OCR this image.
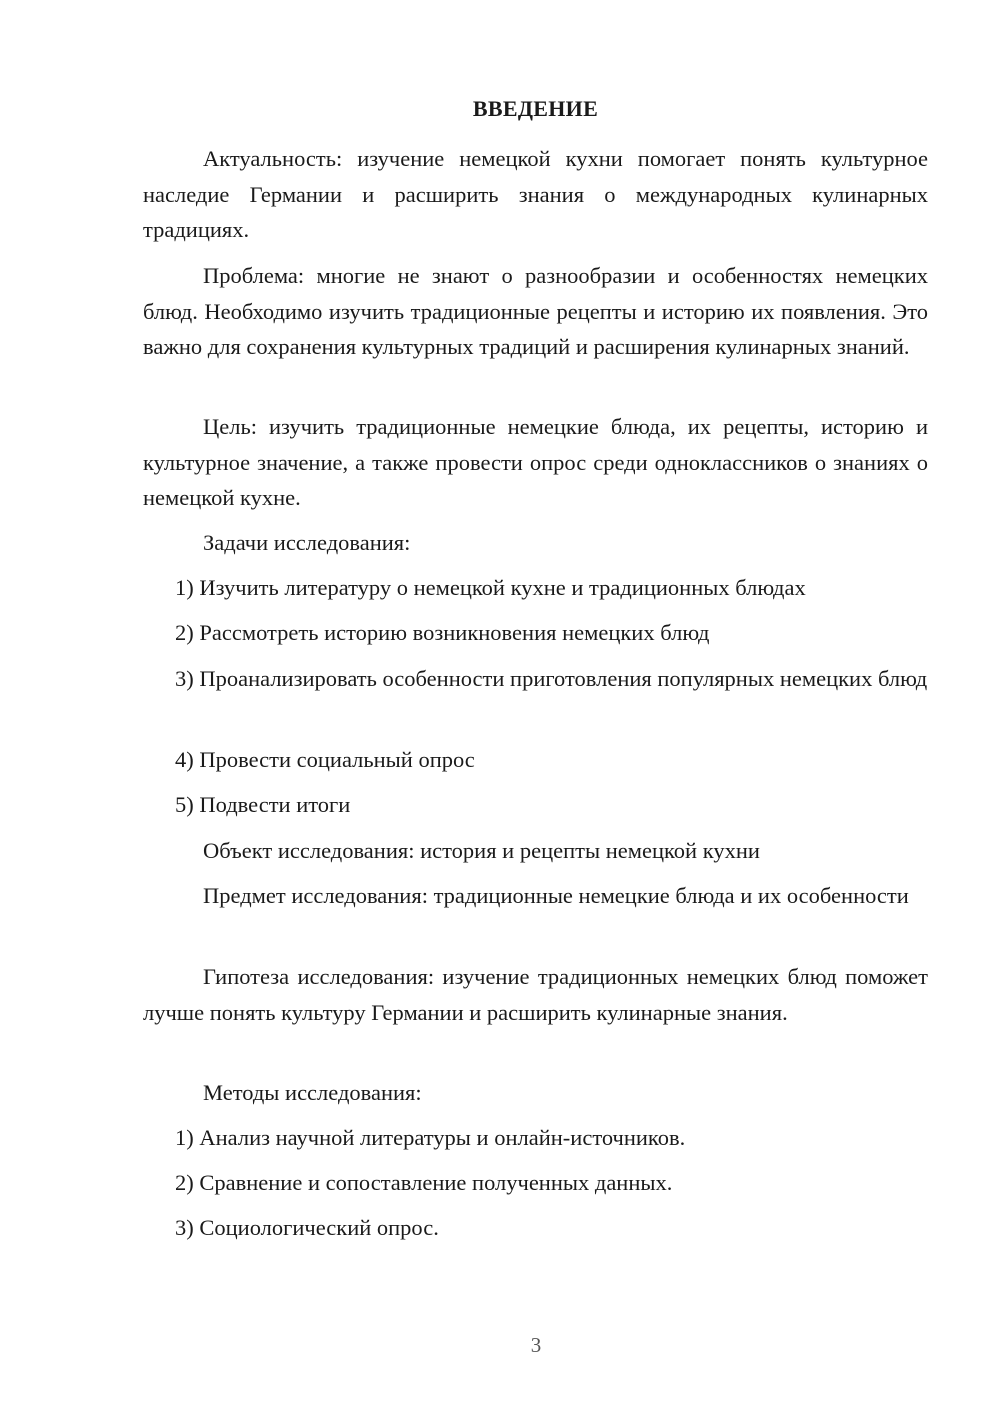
ВВЕДЕНИЕ
Актуальность: изучение немецкой кухни помогает понять культурное наследие Германии и расширить знания о международных кулинарных традициях.
Проблема: многие не знают о разнообразии и особенностях немецких блюд. Необходимо изучить традиционные рецепты и историю их появления. Это важно для сохранения культурных традиций и расширения кулинарных знаний.
Цель: изучить традиционные немецкие блюда, их рецепты, историю и культурное значение, а также провести опрос среди одноклассников о знаниях о немецкой кухне.
Задачи исследования:
1) Изучить литературу о немецкой кухне и традиционных блюдах
2) Рассмотреть историю возникновения немецких блюд
3) Проанализировать особенности приготовления популярных немецких блюд
4) Провести социальный опрос
5) Подвести итоги
Объект исследования: история и рецепты немецкой кухни
Предмет исследования: традиционные немецкие блюда и их особенности
Гипотеза исследования: изучение традиционных немецких блюд поможет лучше понять культуру Германии и расширить кулинарные знания.
Методы исследования:
1) Анализ научной литературы и онлайн-источников.
2) Сравнение и сопоставление полученных данных.
3) Социологический опрос.
3
